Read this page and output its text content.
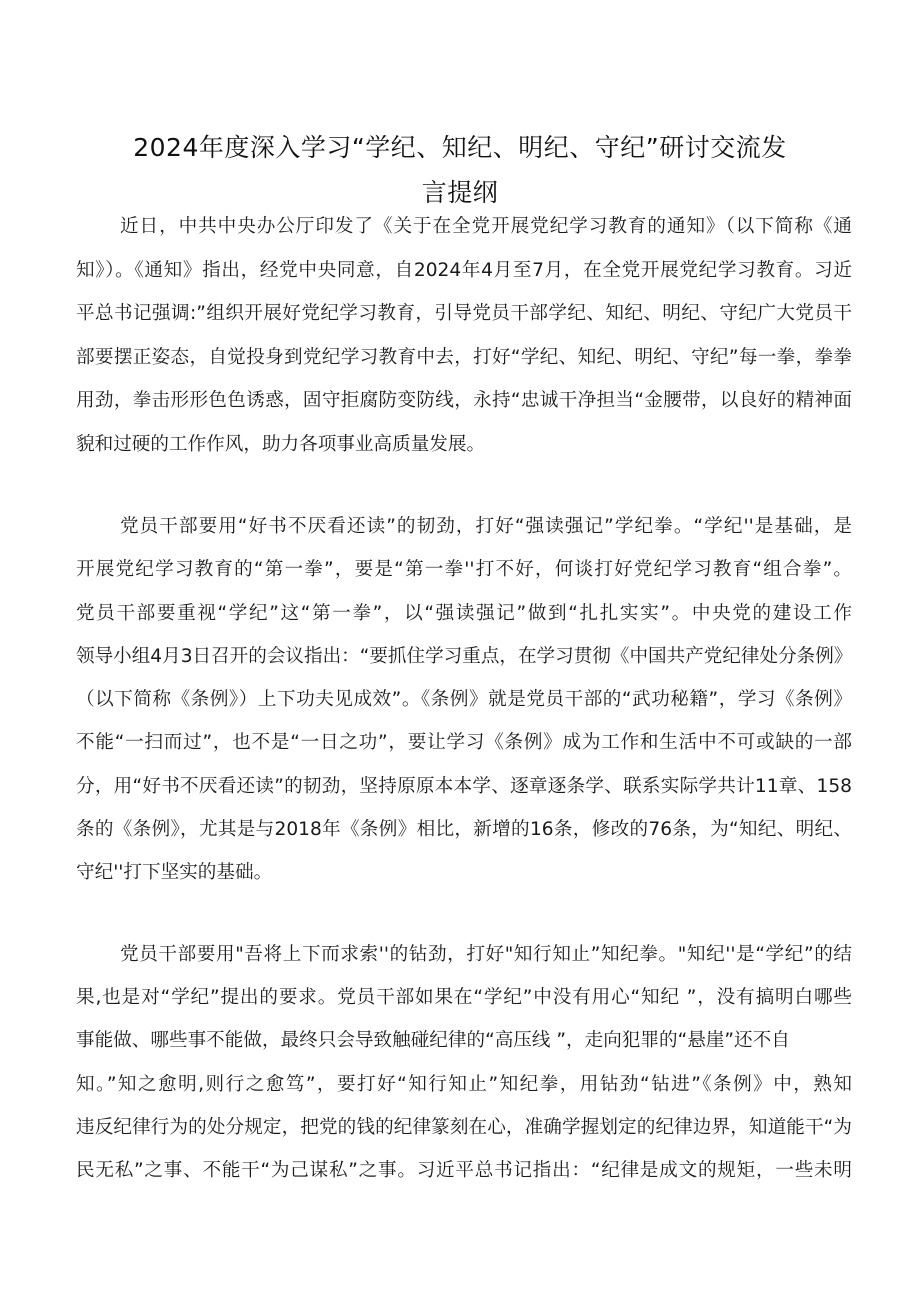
2024年度深入学习“学纪、知纪、明纪、守纪”研讨交流发
言提纲
近日，中共中央办公厅印发了《关于在全党开展党纪学习教育的通知》（以下简称《通
知》）。《通知》指出，经党中央同意，自2024年4月至7月，在全党开展党纪学习教育。习近
平总书记强调:”组织开展好党纪学习教育，引导党员干部学纪、知纪、明纪、守纪广大党员干
部要摆正姿态，自觉投身到党纪学习教育中去，打好“学纪、知纪、明纪、守纪”每一拳，拳拳
用劲，拳击形形色色诱惑，固守拒腐防变防线，永持“忠诚干净担当“金腰带，以良好的精神面
貌和过硬的工作作风，助力各项事业高质量发展。
党员干部要用“好书不厌看还读”的韧劲，打好“强读强记”学纪拳。“学纪''是基础，是
开展党纪学习教育的“第一拳”，要是“第一拳''打不好，何谈打好党纪学习教育“组合拳”。
党员干部要重视“学纪”这“第一拳”，以“强读强记”做到“扎扎实实”。中央党的建设工作
领导小组4月3日召开的会议指出：“要抓住学习重点，在学习贯彻《中国共产党纪律处分条例》
（以下简称《条例》）上下功夫见成效”。《条例》就是党员干部的“武功秘籍”，学习《条例》
不能“一扫而过”，也不是“一日之功”，要让学习《条例》成为工作和生活中不可或缺的一部
分，用“好书不厌看还读”的韧劲，坚持原原本本学、逐章逐条学、联系实际学共计11章、158
条的《条例》，尤其是与2018年《条例》相比，新增的16条，修改的76条，为“知纪、明纪、
守纪''打下坚实的基础。
党员干部要用"吾将上下而求索''的钻劲，打好"知行知止”知纪拳。"知纪''是“学纪”的结
果,也是对“学纪”提出的要求。党员干部如果在“学纪”中没有用心“知纪 ”，没有搞明白哪些
事能做、哪些事不能做，最终只会导致触碰纪律的“高压线 ”，走向犯罪的“悬崖”还不自
知。”知之愈明,则行之愈笃”，要打好“知行知止”知纪拳，用钻劲“钻进”《条例》中，熟知
违反纪律行为的处分规定，把党的钱的纪律篆刻在心，准确学握划定的纪律边界，知道能干“为
民无私”之事、不能干“为己谋私”之事。习近平总书记指出：“纪律是成文的规矩，一些未明
